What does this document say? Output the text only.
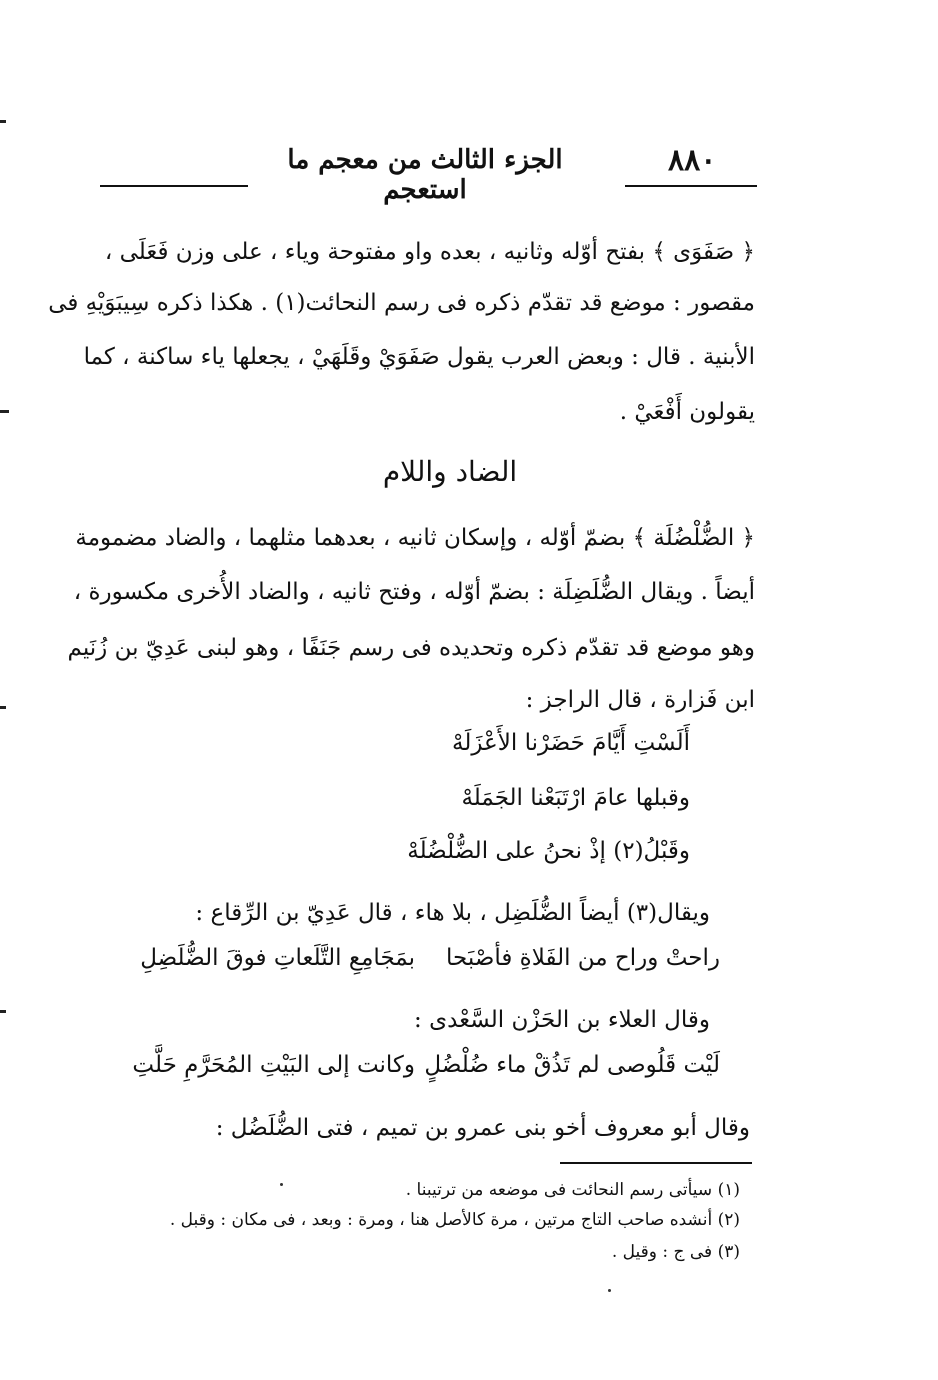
٨٨٠
الجزء الثالث من معجم ما استعجم
﴿ صَفَوَى ﴾ بفتح أوّله وثانيه ، بعده واو مفتوحة وياء ، على وزن فَعَلَى ،
مقصور : موضع قد تقدّم ذكره فى رسم النحائت(١) . هكذا ذكره سِيبَوَيْهِ فى
الأبنية . قال : وبعض العرب يقول صَفَوَيْ وقَلَهَيْ ، يجعلها ياء ساكنة ، كما
يقولون أَفْعَيْ .
الضاد واللام
﴿ الضُّلْضُلَة ﴾ بضمّ أوّله ، وإسكان ثانيه ، بعدهما مثلهما ، والضاد مضمومة
أيضاً . ويقال الضُّلَضِلَة : بضمّ أوّله ، وفتح ثانيه ، والضاد الأُخرى مكسورة ،
وهو موضع قد تقدّم ذكره وتحديده فى رسم جَنَفًا ، وهو لبنى عَدِيّ بن زُنَيم
ابن فَزارة ، قال الراجز :
أَلَسْتِ أَيَّامَ حَضَرْنا الأَعْزَلَهْ
وقبلها عامَ ارْتَبَعْنا الجَمَلَهْ
وقَبْلُ(٢) إذْ نحنُ على الضُّلْضُلَهْ
ويقال(٣) أيضاً الضُّلَضِل ، بلا هاء ، قال عَدِيّ بن الرِّقاع :
راحتْ وراح من الفَلاةِ فأصْبَحا
بمَجَامِعِ التَّلَعاتِ فوقَ الضُّلَضِلِ
وقال العلاء بن الحَزْن السَّعْدى :
لَيْت قَلُوصى لم تَذُقْ ماء ضُلْضُلٍ
وكانت إلى البَيْتِ المُحَرَّمِ حَلَّتِ
وقال أبو معروف أخو بنى عمرو بن تميم ، فتى الضُّلَضُل :
(١) سيأتى رسم النحائت فى موضعه من ترتيبنا .
(٢) أنشده صاحب التاج مرتين ، مرة كالأصل هنا ، ومرة : وبعد ، فى مكان : وقبل .
(٣) فى ج : وقيل .
